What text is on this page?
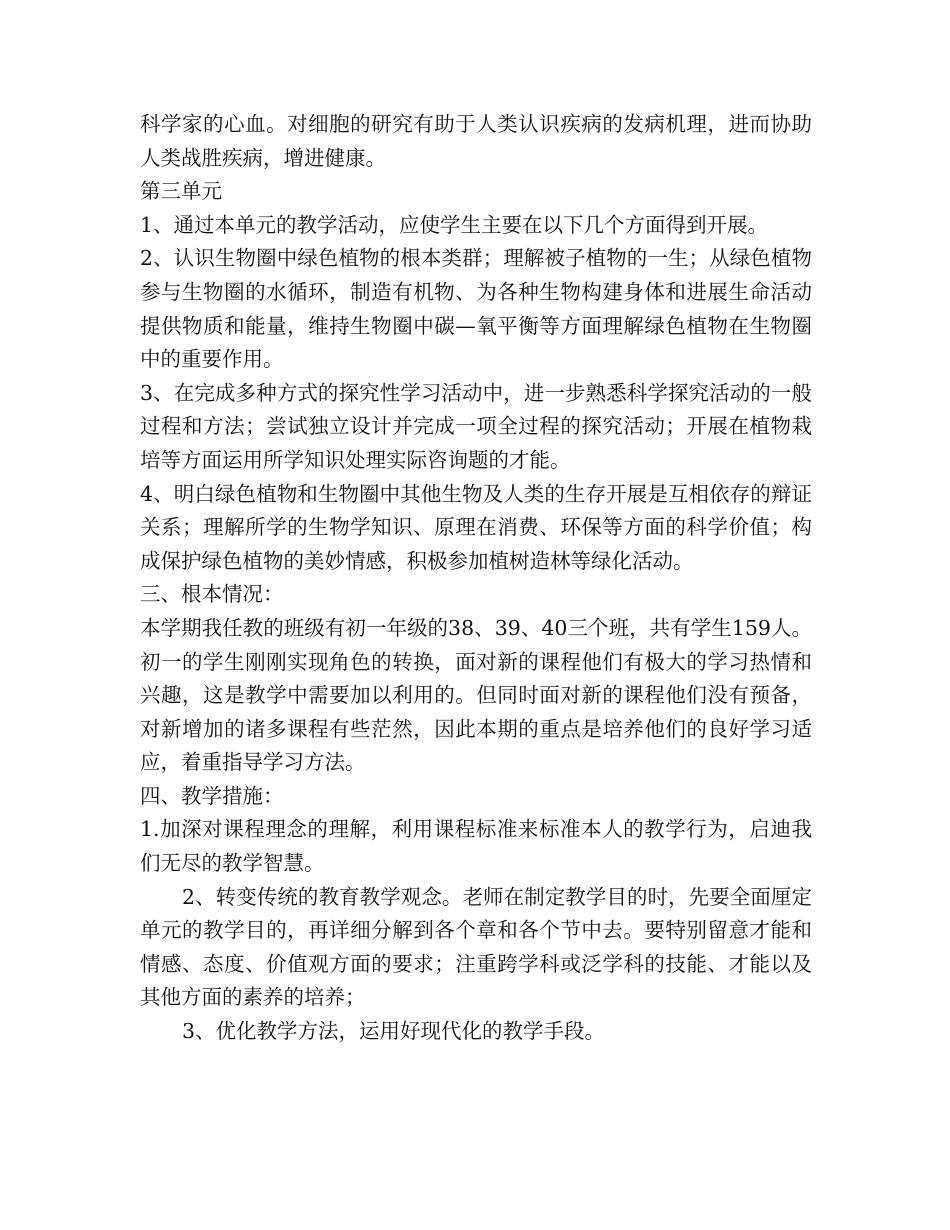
科学家的心血。对细胞的研究有助于人类认识疾病的发病机理，进而协助人类战胜疾病，增进健康。

第三单元

1、通过本单元的教学活动，应使学生主要在以下几个方面得到开展。

2、认识生物圈中绿色植物的根本类群；理解被子植物的一生；从绿色植物参与生物圈的水循环，制造有机物、为各种生物构建身体和进展生命活动提供物质和能量，维持生物圈中碳—氧平衡等方面理解绿色植物在生物圈中的重要作用。

3、在完成多种方式的探究性学习活动中，进一步熟悉科学探究活动的一般过程和方法；尝试独立设计并完成一项全过程的探究活动；开展在植物栽培等方面运用所学知识处理实际咨询题的才能。

4、明白绿色植物和生物圈中其他生物及人类的生存开展是互相依存的辩证关系；理解所学的生物学知识、原理在消费、环保等方面的科学价值；构成保护绿色植物的美妙情感，积极参加植树造林等绿化活动。

三、根本情况：

本学期我任教的班级有初一年级的38、39、40三个班，共有学生159人。初一的学生刚刚实现角色的转换，面对新的课程他们有极大的学习热情和兴趣，这是教学中需要加以利用的。但同时面对新的课程他们没有预备，对新增加的诸多课程有些茫然，因此本期的重点是培养他们的良好学习适应，着重指导学习方法。

四、教学措施：

1.加深对课程理念的理解，利用课程标准来标准本人的教学行为，启迪我们无尽的教学智慧。

2、转变传统的教育教学观念。老师在制定教学目的时，先要全面厘定单元的教学目的，再详细分解到各个章和各个节中去。要特别留意才能和情感、态度、价值观方面的要求；注重跨学科或泛学科的技能、才能以及其他方面的素养的培养；

3、优化教学方法，运用好现代化的教学手段。
